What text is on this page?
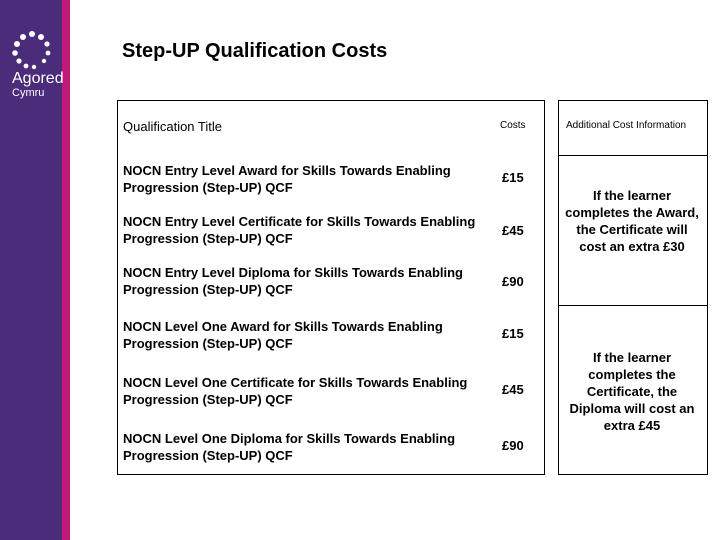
Agored
Cymru
Step-UP Qualification Costs
Qualification Title	Costs	Additional Cost Information
NOCN Entry Level Award for Skills Towards Enabling Progression (Step-UP) QCF
£15
NOCN Entry Level Certificate for Skills Towards Enabling Progression (Step-UP) QCF
£45
NOCN Entry Level Diploma for Skills Towards Enabling Progression (Step-UP) QCF
£90
NOCN Level One Award for Skills Towards Enabling Progression (Step-UP) QCF
£15
NOCN Level One Certificate for Skills Towards Enabling Progression (Step-UP) QCF
£45
NOCN Level One Diploma for Skills Towards Enabling Progression (Step-UP) QCF
£90
If the learner completes the Award, the Certificate will cost an extra £30
If the learner completes the Certificate, the Diploma will cost an extra £45
